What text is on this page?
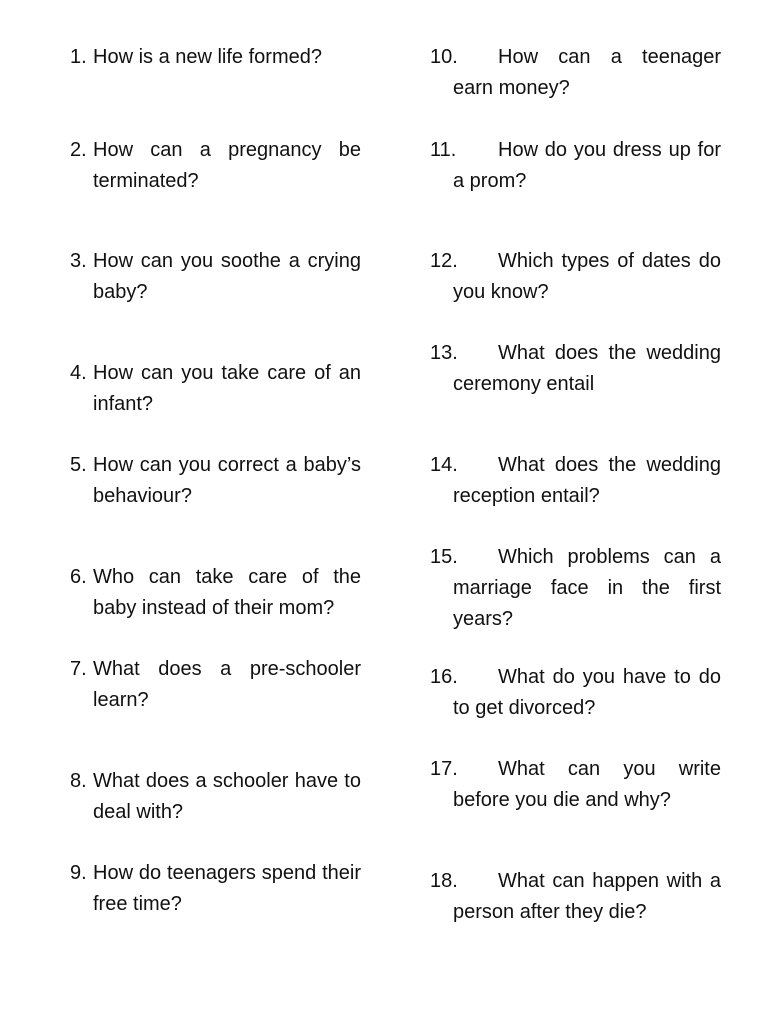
1. How is a new life formed?
2. How can a pregnancy be terminated?
3. How can you soothe a crying baby?
4. How can you take care of an infant?
5. How can you correct a baby’s behaviour?
6. Who can take care of the baby instead of their mom?
7. What does a pre-schooler learn?
8. What does a schooler have to deal with?
9. How do teenagers spend their free time?
10. How can a teenager earn money?
11. How do you dress up for a prom?
12. Which types of dates do you know?
13. What does the wedding ceremony entail
14. What does the wedding reception entail?
15. Which problems can a marriage face in the first years?
16. What do you have to do to get divorced?
17. What can you write before you die and why?
18. What can happen with a person after they die?
